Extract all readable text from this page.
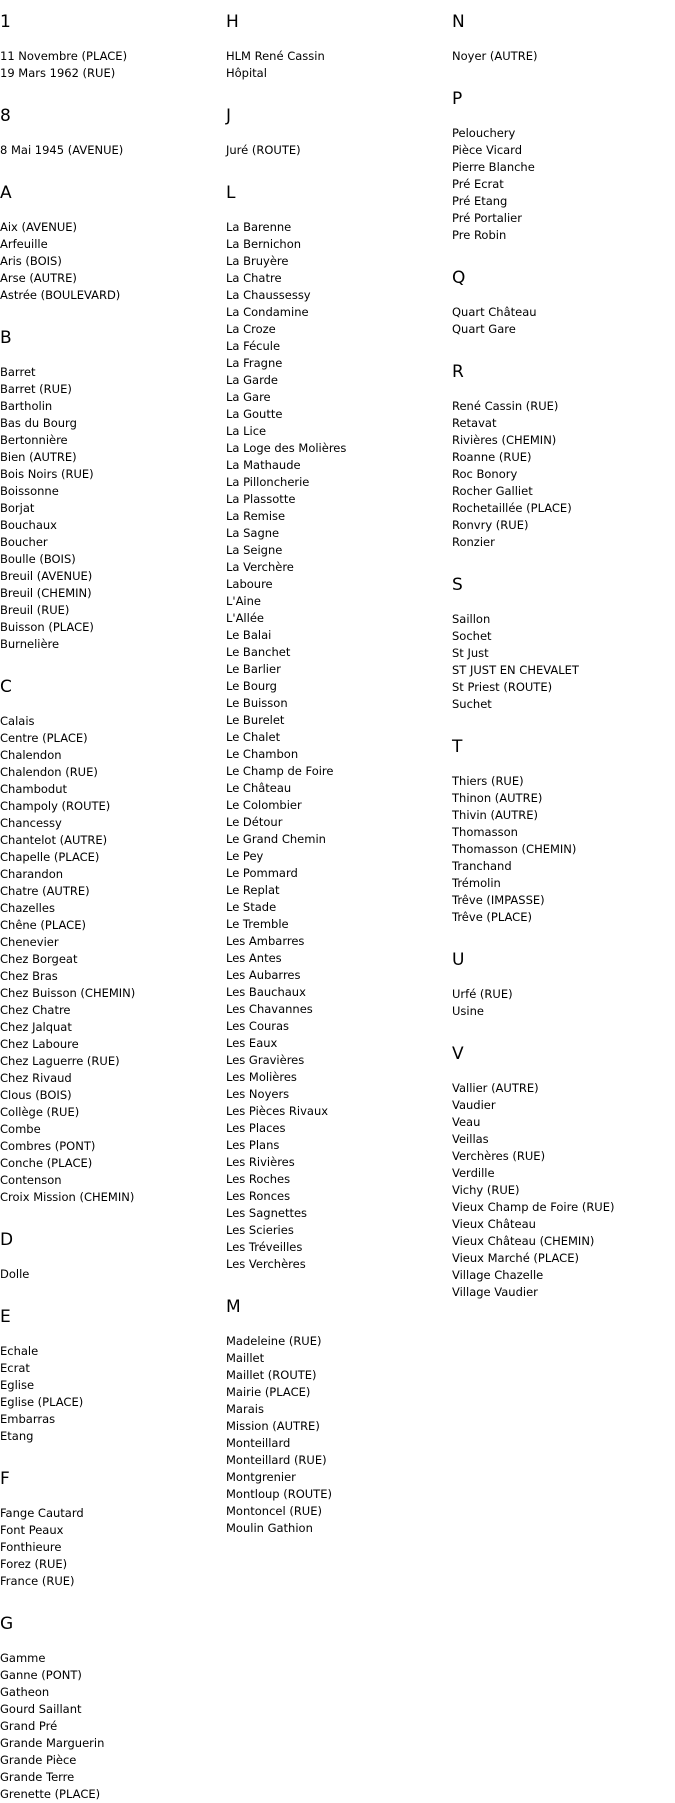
1
11 Novembre (PLACE)
19 Mars 1962 (RUE)
8
8 Mai 1945 (AVENUE)
A
Aix (AVENUE)
Arfeuille
Aris (BOIS)
Arse (AUTRE)
Astrée (BOULEVARD)
B
Barret
Barret (RUE)
Bartholin
Bas du Bourg
Bertonnière
Bien (AUTRE)
Bois Noirs (RUE)
Boissonne
Borjat
Bouchaux
Boucher
Boulle (BOIS)
Breuil (AVENUE)
Breuil (CHEMIN)
Breuil (RUE)
Buisson (PLACE)
Burnelière
C
Calais
Centre (PLACE)
Chalendon
Chalendon (RUE)
Chambodut
Champoly (ROUTE)
Chancessy
Chantelot (AUTRE)
Chapelle (PLACE)
Charandon
Chatre (AUTRE)
Chazelles
Chêne (PLACE)
Chenevier
Chez Borgeat
Chez Bras
Chez Buisson (CHEMIN)
Chez Chatre
Chez Jalquat
Chez Laboure
Chez Laguerre (RUE)
Chez Rivaud
Clous (BOIS)
Collège (RUE)
Combe
Combres (PONT)
Conche (PLACE)
Contenson
Croix Mission (CHEMIN)
D
Dolle
E
Echale
Ecrat
Eglise
Eglise (PLACE)
Embarras
Etang
F
Fange Cautard
Font Peaux
Fonthieure
Forez (RUE)
France (RUE)
G
Gamme
Ganne (PONT)
Gatheon
Gourd Saillant
Grand Pré
Grande Marguerin
Grande Pièce
Grande Terre
Grenette (PLACE)
H
HLM René Cassin
Hôpital
J
Juré (ROUTE)
L
La Barenne
La Bernichon
La Bruyère
La Chatre
La Chaussessy
La Condamine
La Croze
La Fécule
La Fragne
La Garde
La Gare
La Goutte
La Lice
La Loge des Molières
La Mathaude
La Pilloncherie
La Plassotte
La Remise
La Sagne
La Seigne
La Verchère
Laboure
L'Aine
L'Allée
Le Balai
Le Banchet
Le Barlier
Le Bourg
Le Buisson
Le Burelet
Le Chalet
Le Chambon
Le Champ de Foire
Le Château
Le Colombier
Le Détour
Le Grand Chemin
Le Pey
Le Pommard
Le Replat
Le Stade
Le Tremble
Les Ambarres
Les Antes
Les Aubarres
Les Bauchaux
Les Chavannes
Les Couras
Les Eaux
Les Gravières
Les Molières
Les Noyers
Les Pièces Rivaux
Les Places
Les Plans
Les Rivières
Les Roches
Les Ronces
Les Sagnettes
Les Scieries
Les Tréveilles
Les Verchères
M
Madeleine (RUE)
Maillet
Maillet (ROUTE)
Mairie (PLACE)
Marais
Mission (AUTRE)
Monteillard
Monteillard (RUE)
Montgrenier
Montloup (ROUTE)
Montoncel (RUE)
Moulin Gathion
N
Noyer (AUTRE)
P
Pelouchery
Pièce Vicard
Pierre Blanche
Pré Ecrat
Pré Etang
Pré Portalier
Pre Robin
Q
Quart Château
Quart Gare
R
René Cassin (RUE)
Retavat
Rivières (CHEMIN)
Roanne (RUE)
Roc Bonory
Rocher Galliet
Rochetaillée (PLACE)
Ronvry (RUE)
Ronzier
S
Saillon
Sochet
St Just
ST JUST EN CHEVALET
St Priest (ROUTE)
Suchet
T
Thiers (RUE)
Thinon (AUTRE)
Thivin (AUTRE)
Thomasson
Thomasson (CHEMIN)
Tranchand
Trémolin
Trêve (IMPASSE)
Trêve (PLACE)
U
Urfé (RUE)
Usine
V
Vallier (AUTRE)
Vaudier
Veau
Veillas
Verchères (RUE)
Verdille
Vichy (RUE)
Vieux Champ de Foire (RUE)
Vieux Château
Vieux Château (CHEMIN)
Vieux Marché (PLACE)
Village Chazelle
Village Vaudier
